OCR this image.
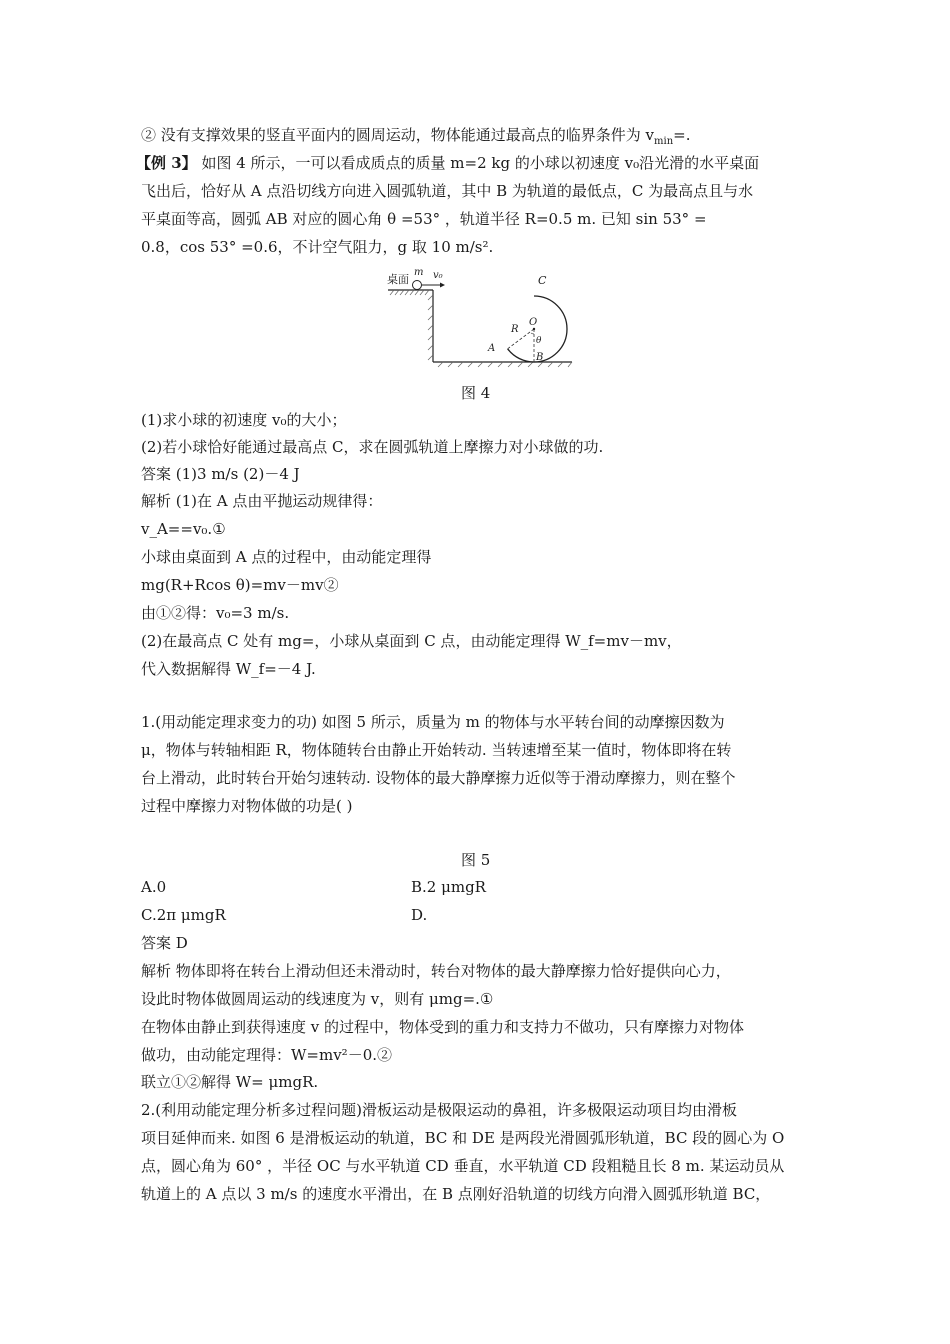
② 没有支撑效果的竖直平面内的圆周运动，物体能通过最高点的临界条件为 $v_{min}=$.
【例 3】 如图 4 所示，一可以看成质点的质量 m=2 kg 的小球以初速度 v₀沿光滑的水平桌面
飞出后，恰好从 A 点沿切线方向进入圆弧轨道，其中 B 为轨道的最低点，C 为最高点且与水
平桌面等高，圆弧 AB 对应的圆心角 θ =53° ，轨道半径 R=0.5 m. 已知 sin 53° =
0.8，cos 53° =0.6，不计空气阻力，g 取 10 m/s².
桌面
m v₀	C
O
R
A
B
θ
图 4
(1)求小球的初速度 v₀的大小；
(2)若小球恰好能通过最高点 C，求在圆弧轨道上摩擦力对小球做的功.
答案 (1)3 m/s (2)－4 J
解析 (1)在 A 点由平抛运动规律得：
v_A==v₀.①
小球由桌面到 A 点的过程中，由动能定理得
mg(R+Rcos θ)=mv－mv②
由①②得：v₀=3 m/s.
(2)在最高点 C 处有 mg=，小球从桌面到 C 点，由动能定理得 W_f=mv－mv，
代入数据解得 W_f=－4 J.
1.(用动能定理求变力的功) 如图 5 所示，质量为 m 的物体与水平转台间的动摩擦因数为
μ，物体与转轴相距 R，物体随转台由静止开始转动. 当转速增至某一值时，物体即将在转
台上滑动，此时转台开始匀速转动. 设物体的最大静摩擦力近似等于滑动摩擦力，则在整个
过程中摩擦力对物体做的功是( )
图 5
A.0	B.2 μmgR
C.2π μmgR	D.
答案 D
解析 物体即将在转台上滑动但还未滑动时，转台对物体的最大静摩擦力恰好提供向心力，
设此时物体做圆周运动的线速度为 v，则有 μmg=.①
在物体由静止到获得速度 v 的过程中，物体受到的重力和支持力不做功，只有摩擦力对物体
做功，由动能定理得：W=mv²－0.②
联立①②解得 W= μmgR.
2.(利用动能定理分析多过程问题)滑板运动是极限运动的鼻祖，许多极限运动项目均由滑板
项目延伸而来. 如图 6 是滑板运动的轨道，BC 和 DE 是两段光滑圆弧形轨道，BC 段的圆心为 O
点，圆心角为 60° ，半径 OC 与水平轨道 CD 垂直，水平轨道 CD 段粗糙且长 8 m. 某运动员从
轨道上的 A 点以 3 m/s 的速度水平滑出，在 B 点刚好沿轨道的切线方向滑入圆弧形轨道 BC，
